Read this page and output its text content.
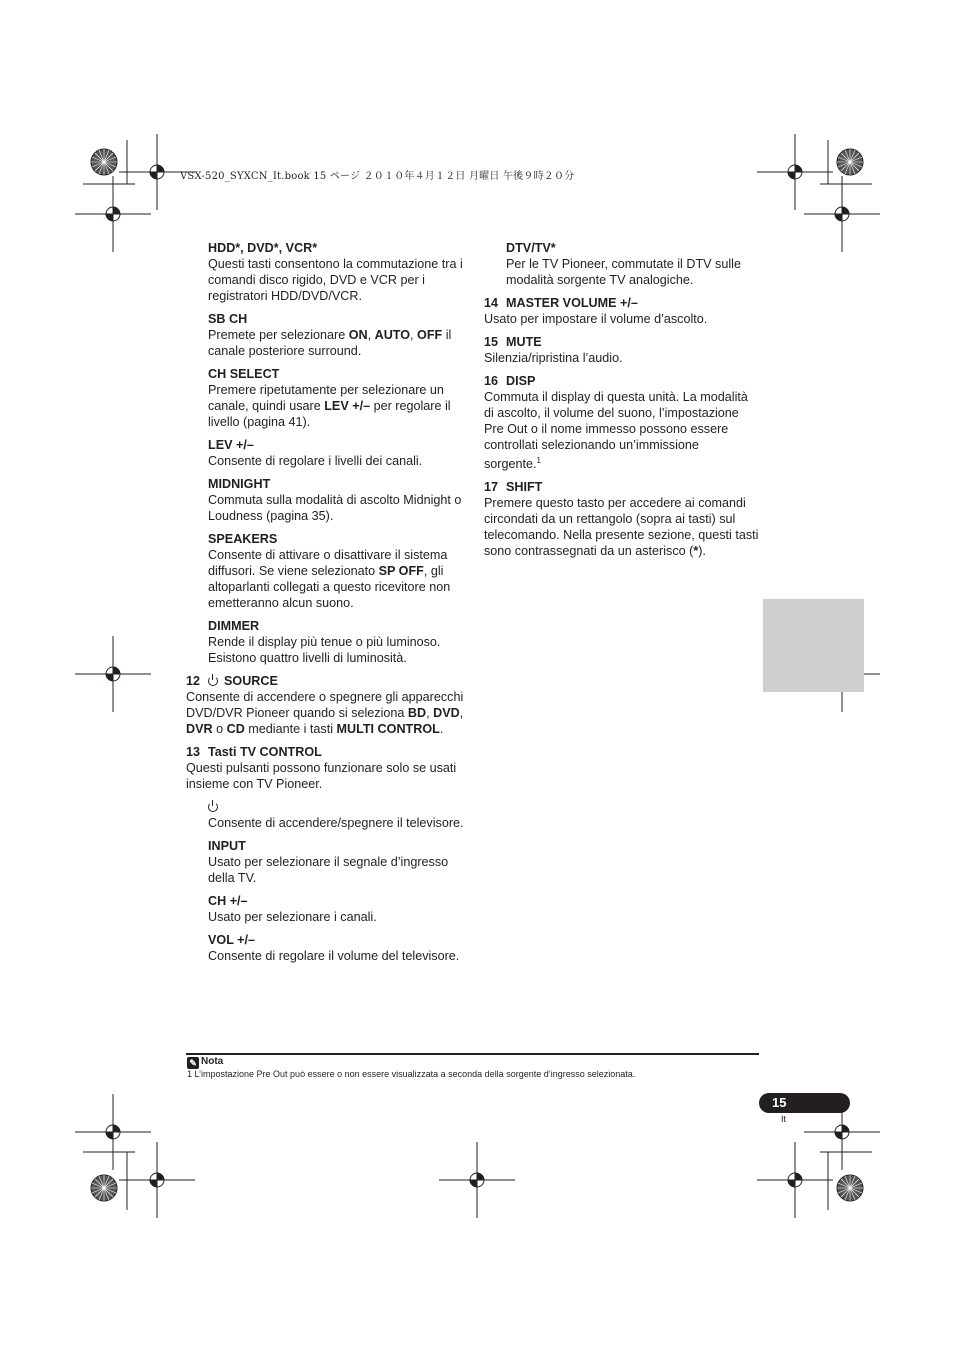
VSX-520_SYXCN_It.book 15 ページ ２０１０年４月１２日 月曜日 午後９時２０分
HDD*, DVD*, VCR*
Questi tasti consentono la commutazione tra i comandi disco rigido, DVD e VCR per i registratori HDD/DVD/VCR.
SB CH
Premete per selezionare ON, AUTO, OFF il canale posteriore surround.
CH SELECT
Premere ripetutamente per selezionare un canale, quindi usare LEV +/– per regolare il livello (pagina 41).
LEV +/–
Consente di regolare i livelli dei canali.
MIDNIGHT
Commuta sulla modalità di ascolto Midnight o Loudness (pagina 35).
SPEAKERS
Consente di attivare o disattivare il sistema diffusori. Se viene selezionato SP OFF, gli altoparlanti collegati a questo ricevitore non emetteranno alcun suono.
DIMMER
Rende il display più tenue o più luminoso. Esistono quattro livelli di luminosità.
12 SOURCE
Consente di accendere o spegnere gli apparecchi DVD/DVR Pioneer quando si seleziona BD, DVD, DVR o CD mediante i tasti MULTI CONTROL.
13 Tasti TV CONTROL
Questi pulsanti possono funzionare solo se usati insieme con TV Pioneer.
Consente di accendere/spegnere il televisore.
INPUT
Usato per selezionare il segnale d’ingresso della TV.
CH +/–
Usato per selezionare i canali.
VOL +/–
Consente di regolare il volume del televisore.
DTV/TV*
Per le TV Pioneer, commutate il DTV sulle modalità sorgente TV analogiche.
14 MASTER VOLUME +/–
Usato per impostare il volume d’ascolto.
15 MUTE
Silenzia/ripristina l’audio.
16 DISP
Commuta il display di questa unità. La modalità di ascolto, il volume del suono, l’impostazione Pre Out o il nome immesso possono essere controllati selezionando un’immissione sorgente.$^1$
17 SHIFT
Premere questo tasto per accedere ai comandi circondati da un rettangolo (sopra ai tasti) sul telecomando. Nella presente sezione, questi tasti sono contrassegnati da un asterisco (*).
✎ Nota
1 L’impostazione Pre Out può essere o non essere visualizzata a seconda della sorgente d’ingresso selezionata.
15
It
